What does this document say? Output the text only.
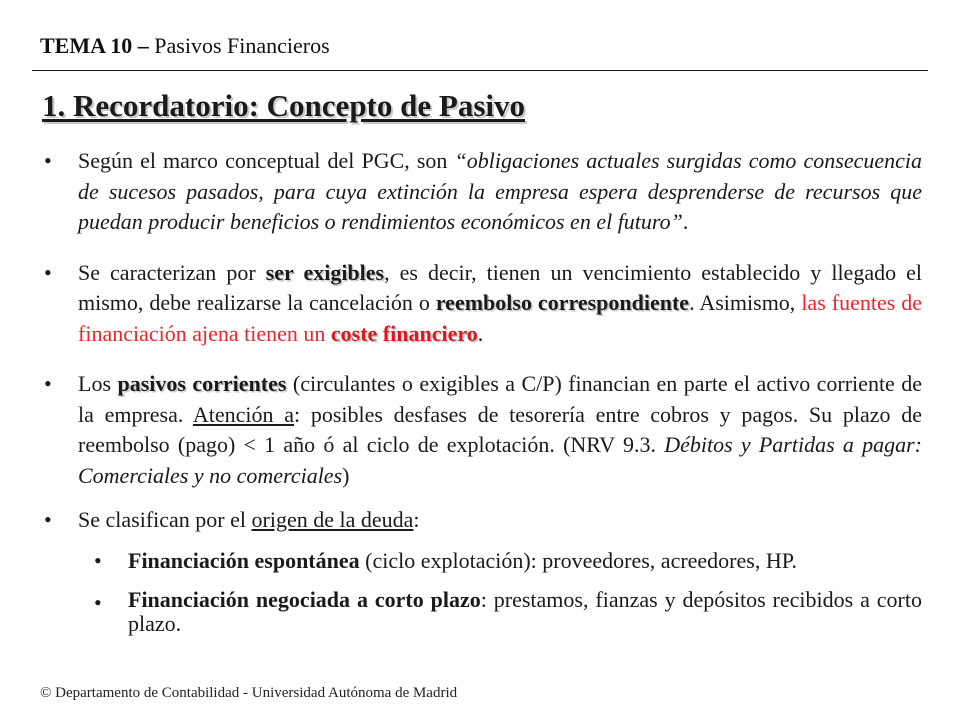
TEMA 10 – Pasivos Financieros
1. Recordatorio: Concepto de Pasivo
• Según el marco conceptual del PGC, son “obligaciones actuales surgidas como consecuencia de sucesos pasados, para cuya extinción la empresa espera desprenderse de recursos que puedan producir beneficios o rendimientos económicos en el futuro”.
• Se caracterizan por ser exigibles, es decir, tienen un vencimiento establecido y llegado el mismo, debe realizarse la cancelación o reembolso correspondiente. Asimismo, las fuentes de financiación ajena tienen un coste financiero.
• Los pasivos corrientes (circulantes o exigibles a C/P) financian en parte el activo corriente de la empresa. Atención a: posibles desfases de tesorería entre cobros y pagos. Su plazo de reembolso (pago) < 1 año ó al ciclo de explotación. (NRV 9.3. Débitos y Partidas a pagar: Comerciales y no comerciales)
• Se clasifican por el origen de la deuda:
• Financiación espontánea (ciclo explotación): proveedores, acreedores, HP.
• Financiación negociada a corto plazo: prestamos, fianzas y depósitos recibidos a corto plazo.
© Departamento de Contabilidad - Universidad Autónoma de Madrid
